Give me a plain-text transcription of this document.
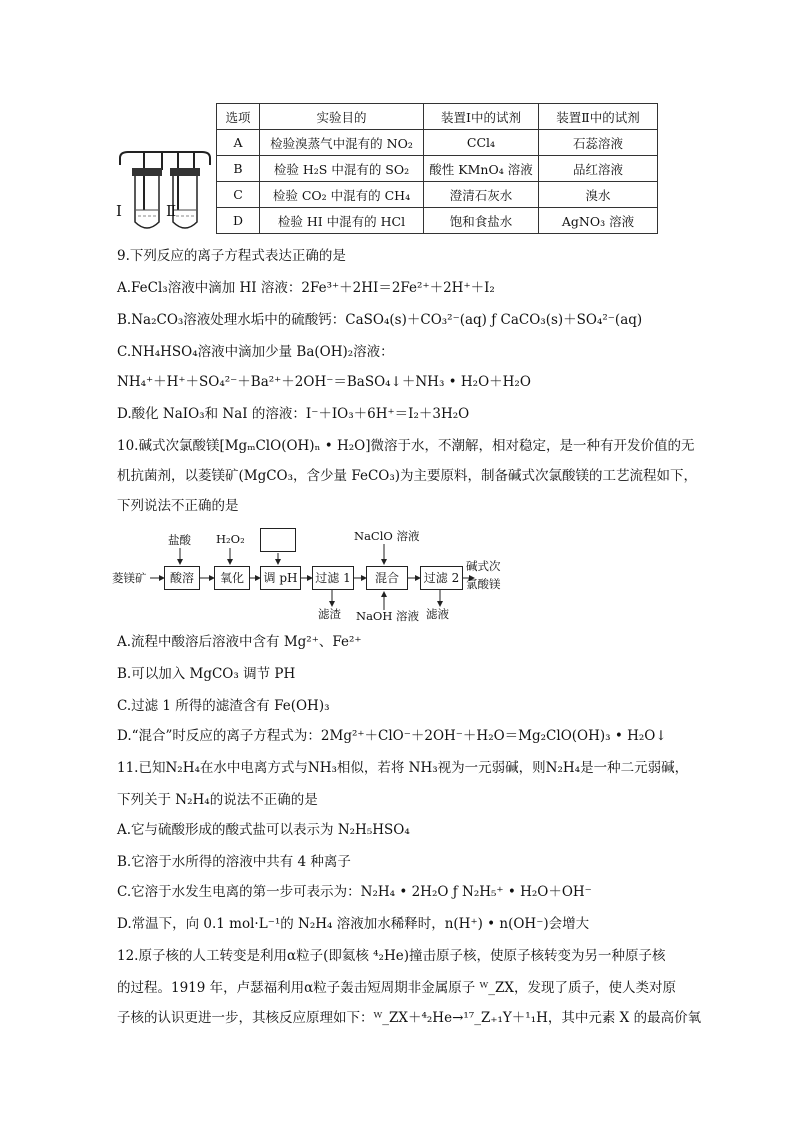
Ⅰ	Ⅱ
选项	实验目的	装置Ⅰ中的试剂	装置Ⅱ中的试剂
A	检验溴蒸气中混有的 NO₂	CCl₄	石蕊溶液
B	检验 H₂S 中混有的 SO₂	酸性 KMnO₄ 溶液	品红溶液
C	检验 CO₂ 中混有的 CH₄	澄清石灰水	溴水
D	检验 HI 中混有的 HCl	饱和食盐水	AgNO₃ 溶液
9.下列反应的离子方程式表达正确的是
A.FeCl₃溶液中滴加 HI 溶液：2Fe³⁺＋2HI＝2Fe²⁺＋2H⁺＋I₂
B.Na₂CO₃溶液处理水垢中的硫酸钙：CaSO₄(s)＋CO₃²⁻(aq) ƒ CaCO₃(s)＋SO₄²⁻(aq)
C.NH₄HSO₄溶液中滴加少量 Ba(OH)₂溶液：
NH₄⁺＋H⁺＋SO₄²⁻＋Ba²⁺＋2OH⁻＝BaSO₄↓＋NH₃ • H₂O＋H₂O
D.酸化 NaIO₃和 NaI 的溶液：I⁻＋IO₃＋6H⁺＝I₂＋3H₂O
10.碱式次氯酸镁[MgₘClO(OH)ₙ • H₂O]微溶于水，不潮解，相对稳定，是一种有开发价值的无
机抗菌剂，以菱镁矿(MgCO₃，含少量 FeCO₃)为主要原料，制备碱式次氯酸镁的工艺流程如下，
下列说法不正确的是
菱镁矿	酸溶	氧化	调 pH 过滤 1	混合	过滤 2
碱式次
氯酸镁
盐酸 H₂O₂	NaClO 溶液
滤渣 NaOH 溶液 滤液
A.流程中酸溶后溶液中含有 Mg²⁺、Fe²⁺
B.可以加入 MgCO₃ 调节 PH
C.过滤 1 所得的滤渣含有 Fe(OH)₃
D.“混合”时反应的离子方程式为：2Mg²⁺＋ClO⁻＋2OH⁻＋H₂O＝Mg₂ClO(OH)₃ • H₂O↓
11.已知N₂H₄在水中电离方式与NH₃相似，若将 NH₃视为一元弱碱，则N₂H₄是一种二元弱碱，
下列关于 N₂H₄的说法不正确的是
A.它与硫酸形成的酸式盐可以表示为 N₂H₅HSO₄
B.它溶于水所得的溶液中共有 4 种离子
C.它溶于水发生电离的第一步可表示为：N₂H₄ • 2H₂O ƒ N₂H₅⁺ • H₂O＋OH⁻
D.常温下，向 0.1 mol·L⁻¹的 N₂H₄ 溶液加水稀释时，n(H⁺) • n(OH⁻)会增大
12.原子核的人工转变是利用α粒子(即氦核 ⁴₂He)撞击原子核，使原子核转变为另一种原子核
的过程。1919 年，卢瑟福利用α粒子轰击短周期非金属原子 ᵂ_ZX，发现了质子，使人类对原
子核的认识更进一步，其核反应原理如下：ᵂ_ZX＋⁴₂He→¹⁷_Z₊₁Y＋¹₁H，其中元素 X 的最高价氧
